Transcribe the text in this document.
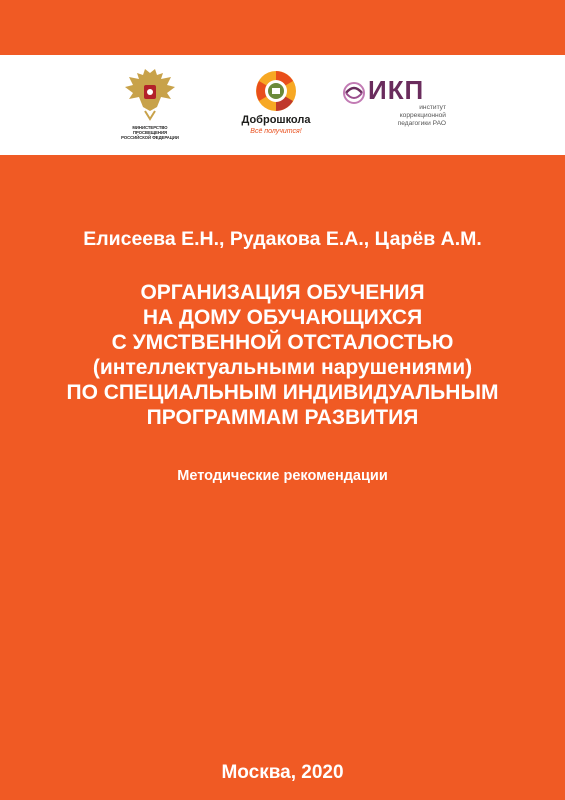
МИНИСТЕРСТВО ПРОСВЕЩЕНИЯ
РОССИЙСКОЙ ФЕДЕРАЦИИ
Доброшкола
Всё получится!
ИКП
институт
коррекционной
педагогики РАО
Елисеева Е.Н., Рудакова Е.А., Царёв А.М.
ОРГАНИЗАЦИЯ ОБУЧЕНИЯ
НА ДОМУ ОБУЧАЮЩИХСЯ
С УМСТВЕННОЙ ОТСТАЛОСТЬЮ
(интеллектуальными нарушениями)
ПО СПЕЦИАЛЬНЫМ ИНДИВИДУАЛЬНЫМ
ПРОГРАММАМ РАЗВИТИЯ
Методические рекомендации
Москва, 2020
